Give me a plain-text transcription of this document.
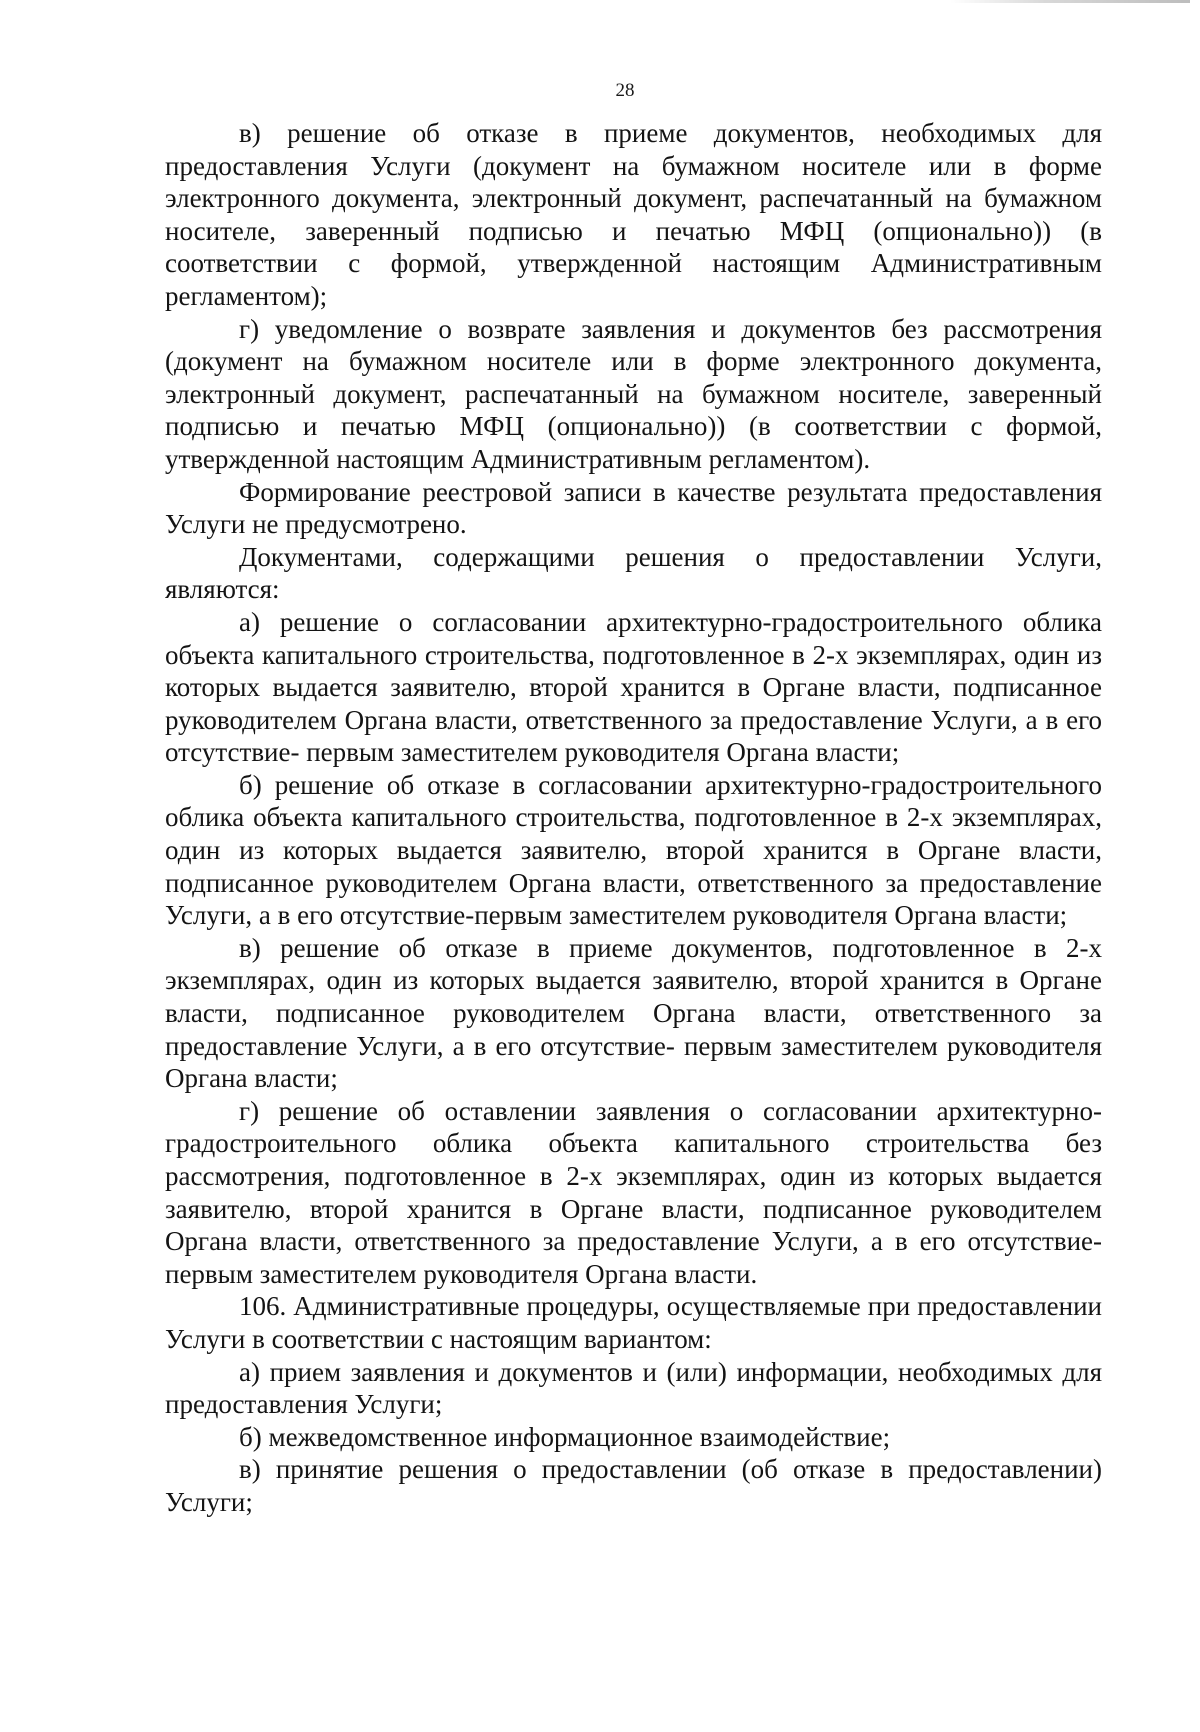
28

в) решение об отказе в приеме документов, необходимых для предоставления Услуги (документ на бумажном носителе или в форме электронного документа, электронный документ, распечатанный на бумажном носителе, заверенный подписью и печатью МФЦ (опционально)) (в соответствии с формой, утвержденной настоящим Административным регламентом);

г) уведомление о возврате заявления и документов без рассмотрения (документ на бумажном носителе или в форме электронного документа, электронный документ, распечатанный на бумажном носителе, заверенный подписью и печатью МФЦ (опционально)) (в соответствии с формой, утвержденной настоящим Административным регламентом).

Формирование реестровой записи в качестве результата предоставления Услуги не предусмотрено.

Документами, содержащими решения о предоставлении Услуги, являются:

а) решение о согласовании архитектурно-градостроительного облика объекта капитального строительства, подготовленное в 2-х экземплярах, один из которых выдается заявителю, второй хранится в Органе власти, подписанное руководителем Органа власти, ответственного за предоставление Услуги, а в его отсутствие- первым заместителем руководителя Органа власти;

б) решение об отказе в согласовании архитектурно-градостроительного облика объекта капитального строительства, подготовленное в 2-х экземплярах, один из которых выдается заявителю, второй хранится в Органе власти, подписанное руководителем Органа власти, ответственного за предоставление Услуги, а в его отсутствие-первым заместителем руководителя Органа власти;

в) решение об отказе в приеме документов, подготовленное в 2-х экземплярах, один из которых выдается заявителю, второй хранится в Органе власти, подписанное руководителем Органа власти, ответственного за предоставление Услуги, а в его отсутствие- первым заместителем руководителя Органа власти;

г) решение об оставлении заявления о согласовании архитектурно-градостроительного облика объекта капитального строительства без рассмотрения, подготовленное в 2-х экземплярах, один из которых выдается заявителю, второй хранится в Органе власти, подписанное руководителем Органа власти, ответственного за предоставление Услуги, а в его отсутствие- первым заместителем руководителя Органа власти.

106. Административные процедуры, осуществляемые при предоставлении Услуги в соответствии с настоящим вариантом:

а) прием заявления и документов и (или) информации, необходимых для предоставления Услуги;

б) межведомственное информационное взаимодействие;

в) принятие решения о предоставлении (об отказе в предоставлении) Услуги;
